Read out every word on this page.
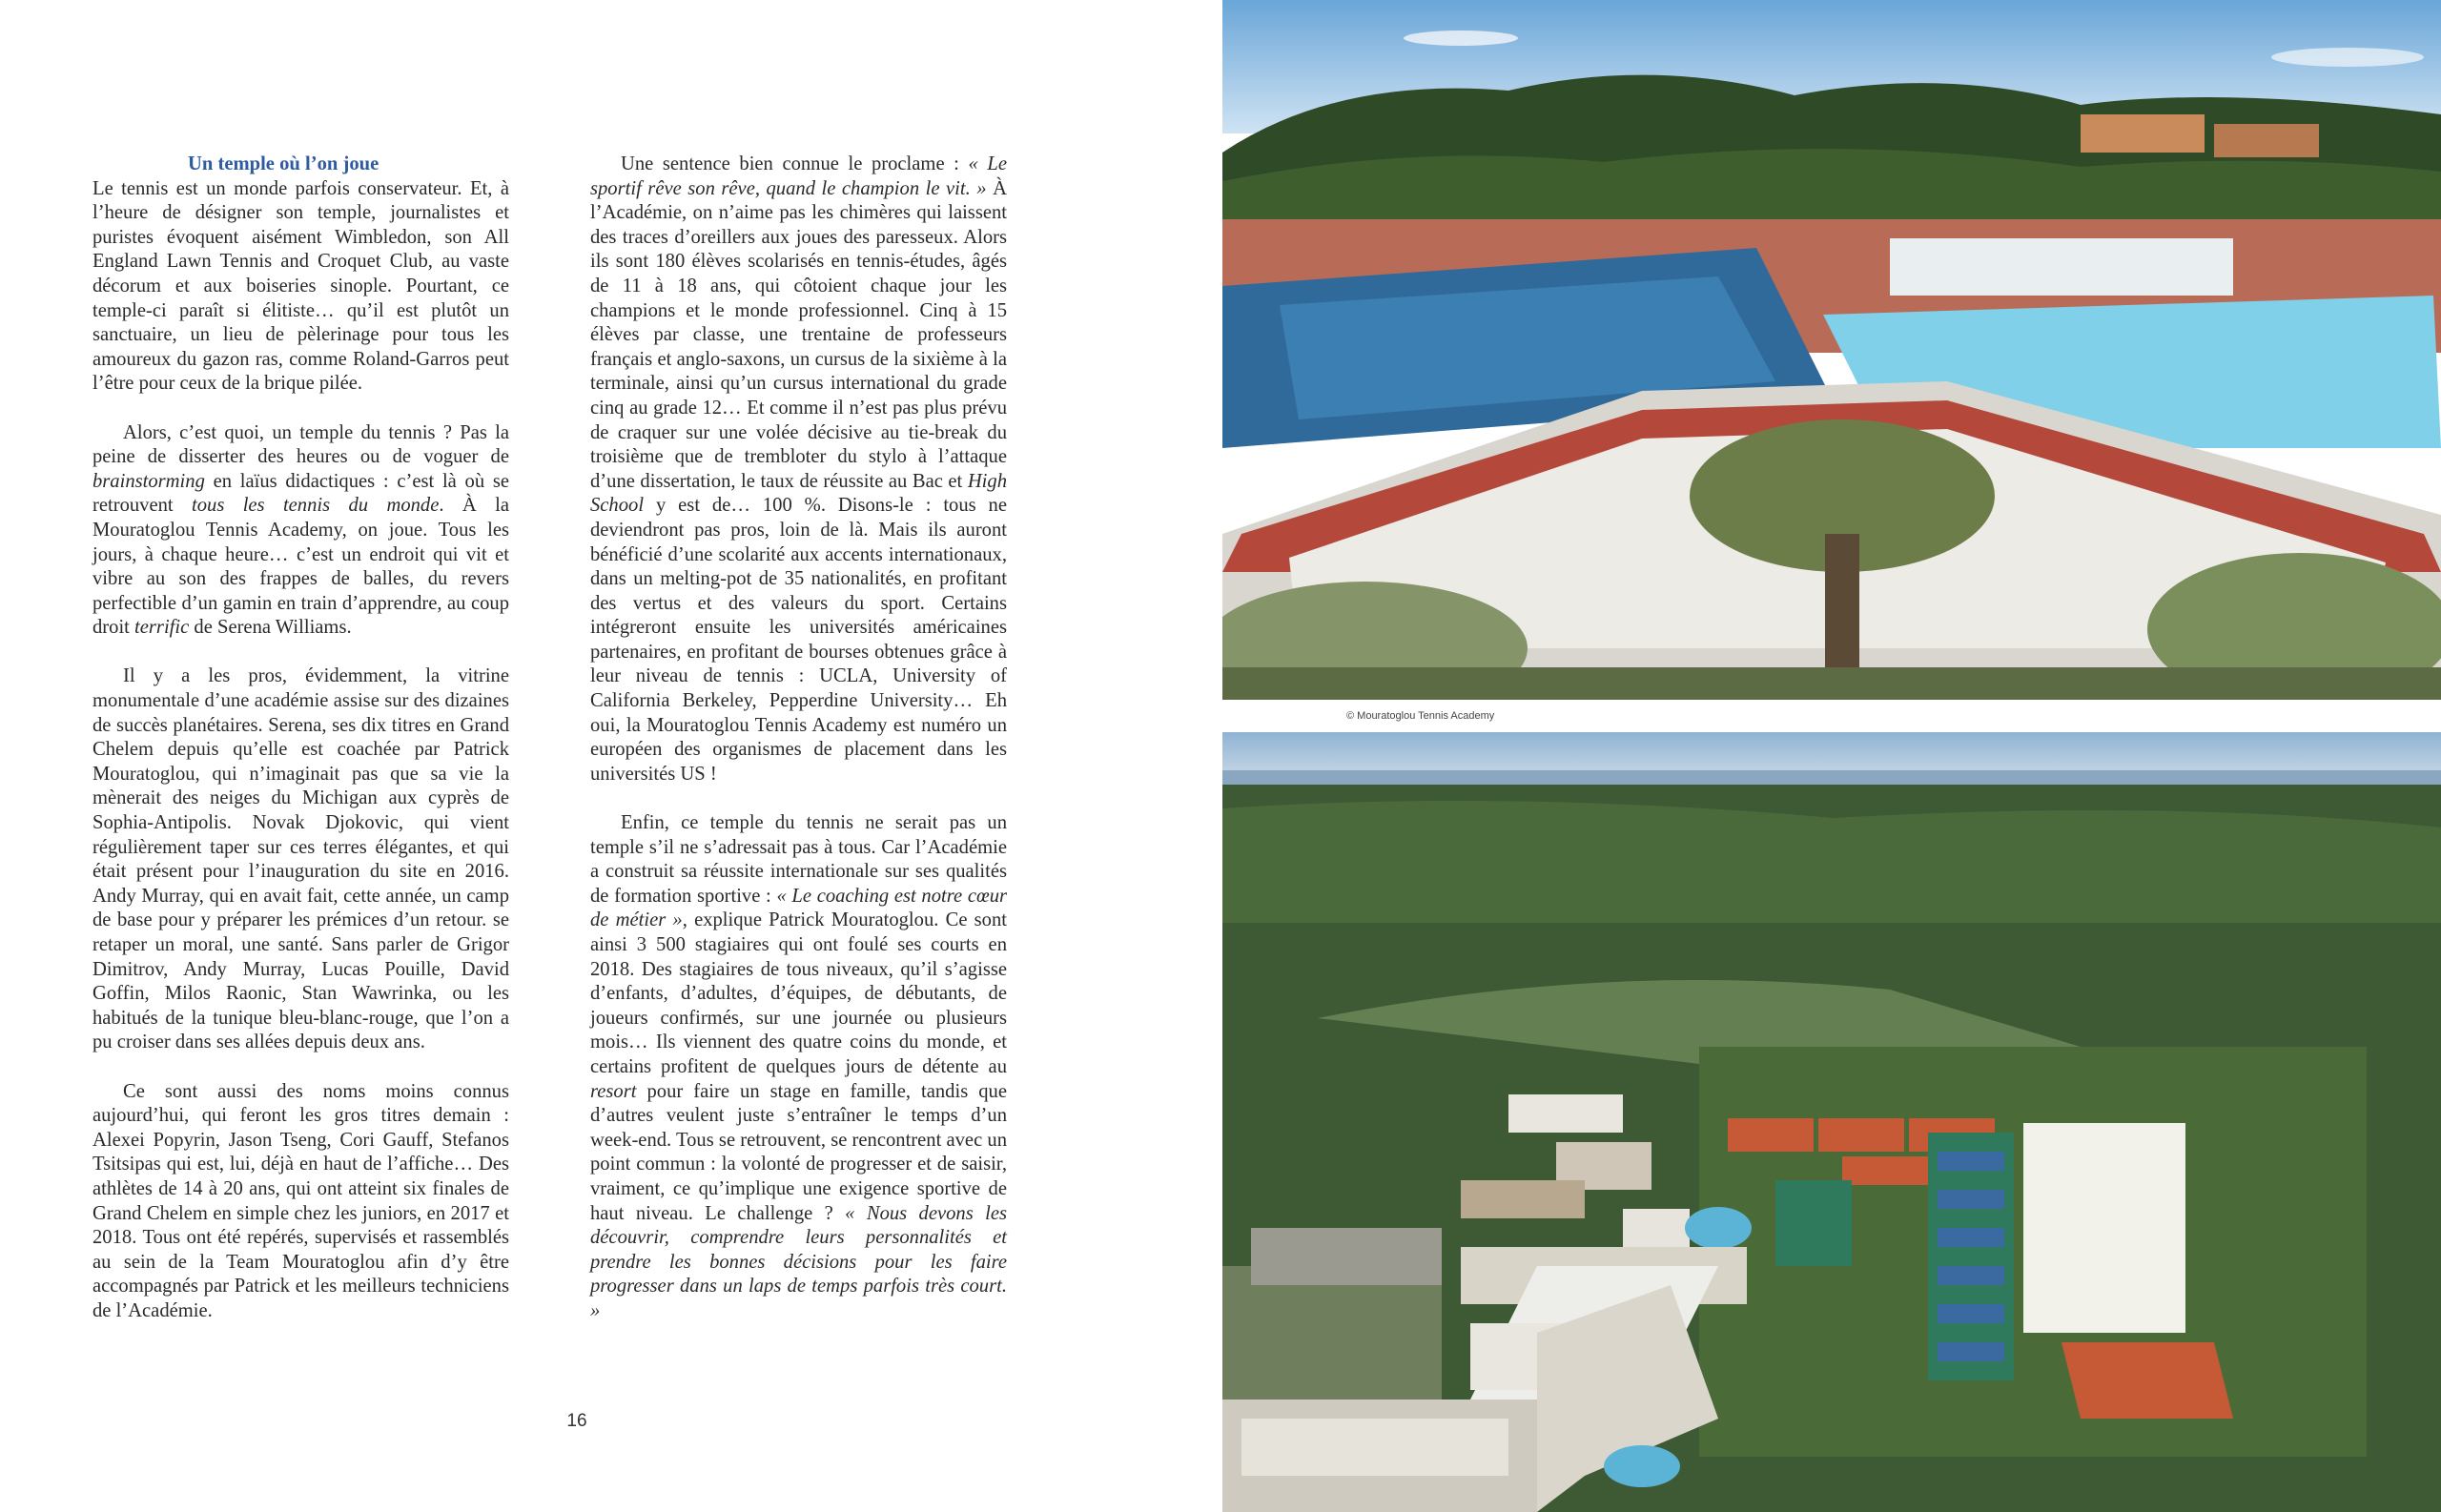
Un temple où l’on joue
Le tennis est un monde parfois conservateur. Et, à l’heure de désigner son temple, journalistes et puristes évoquent aisément Wimbledon, son All England Lawn Tennis and Croquet Club, au vaste décorum et aux boiseries sinople. Pourtant, ce temple-ci paraît si élitiste… qu’il est plutôt un sanctuaire, un lieu de pèlerinage pour tous les amoureux du gazon ras, comme Roland-Garros peut l’être pour ceux de la brique pilée.

Alors, c’est quoi, un temple du tennis ? Pas la peine de disserter des heures ou de voguer de brainstorming en laïus didactiques : c’est là où se retrouvent tous les tennis du monde. À la Mouratoglou Tennis Academy, on joue. Tous les jours, à chaque heure… c’est un endroit qui vit et vibre au son des frappes de balles, du revers perfectible d’un gamin en train d’apprendre, au coup droit terrific de Serena Williams.

Il y a les pros, évidemment, la vitrine monumentale d’une académie assise sur des dizaines de succès planétaires. Serena, ses dix titres en Grand Chelem depuis qu’elle est coachée par Patrick Mouratoglou, qui n’imaginait pas que sa vie la mènerait des neiges du Michigan aux cyprès de Sophia-Antipolis. Novak Djokovic, qui vient régulièrement taper sur ces terres élégantes, et qui était présent pour l’inauguration du site en 2016. Andy Murray, qui en avait fait, cette année, un camp de base pour y préparer les prémices d’un retour. se retaper un moral, une santé. Sans parler de Grigor Dimitrov, Andy Murray, Lucas Pouille, David Goffin, Milos Raonic, Stan Wawrinka, ou les habitués de la tunique bleu-blanc-rouge, que l’on a pu croiser dans ses allées depuis deux ans.

Ce sont aussi des noms moins connus aujourd’hui, qui feront les gros titres demain : Alexei Popyrin, Jason Tseng, Cori Gauff, Stefanos Tsitsipas qui est, lui, déjà en haut de l’affiche… Des athlètes de 14 à 20 ans, qui ont atteint six finales de Grand Chelem en simple chez les juniors, en 2017 et 2018. Tous ont été repérés, supervisés et rassemblés au sein de la Team Mouratoglou afin d’y être accompagnés par Patrick et les meilleurs techniciens de l’Académie.

Une sentence bien connue le proclame : « Le sportif rêve son rêve, quand le champion le vit. » À l’Académie, on n’aime pas les chimères qui laissent des traces d’oreillers aux joues des paresseux. Alors ils sont 180 élèves scolarisés en tennis-études, âgés de 11 à 18 ans, qui côtoient chaque jour les champions et le monde professionnel. Cinq à 15 élèves par classe, une trentaine de professeurs français et anglo-saxons, un cursus de la sixième à la terminale, ainsi qu’un cursus international du grade cinq au grade 12… Et comme il n’est pas plus prévu de craquer sur une volée décisive au tie-break du troisième que de trembloter du stylo à l’attaque d’une dissertation, le taux de réussite au Bac et High School y est de… 100 %. Disons-le : tous ne deviendront pas pros, loin de là. Mais ils auront bénéficié d’une scolarité aux accents internationaux, dans un melting-pot de 35 nationalités, en profitant des vertus et des valeurs du sport. Certains intégreront ensuite les universités américaines partenaires, en profitant de bourses obtenues grâce à leur niveau de tennis : UCLA, University of California Berkeley, Pepperdine University… Eh oui, la Mouratoglou Tennis Academy est numéro un européen des organismes de placement dans les universités US !

Enfin, ce temple du tennis ne serait pas un temple s’il ne s’adressait pas à tous. Car l’Académie a construit sa réussite internationale sur ses qualités de formation sportive : « Le coaching est notre cœur de métier », explique Patrick Mouratoglou. Ce sont ainsi 3 500 stagiaires qui ont foulé ses courts en 2018. Des stagiaires de tous niveaux, qu’il s’agisse d’enfants, d’adultes, d’équipes, de débutants, de joueurs confirmés, sur une journée ou plusieurs mois… Ils viennent des quatre coins du monde, et certains profitent de quelques jours de détente au resort pour faire un stage en famille, tandis que d’autres veulent juste s’entraîner le temps d’un week-end. Tous se retrouvent, se rencontrent avec un point commun : la volonté de progresser et de saisir, vraiment, ce qu’implique une exigence sportive de haut niveau. Le challenge ? « Nous devons les découvrir, comprendre leurs personnalités et prendre les bonnes décisions pour les faire progresser dans un laps de temps parfois très court. »

16
© Mouratoglou Tennis Academy
